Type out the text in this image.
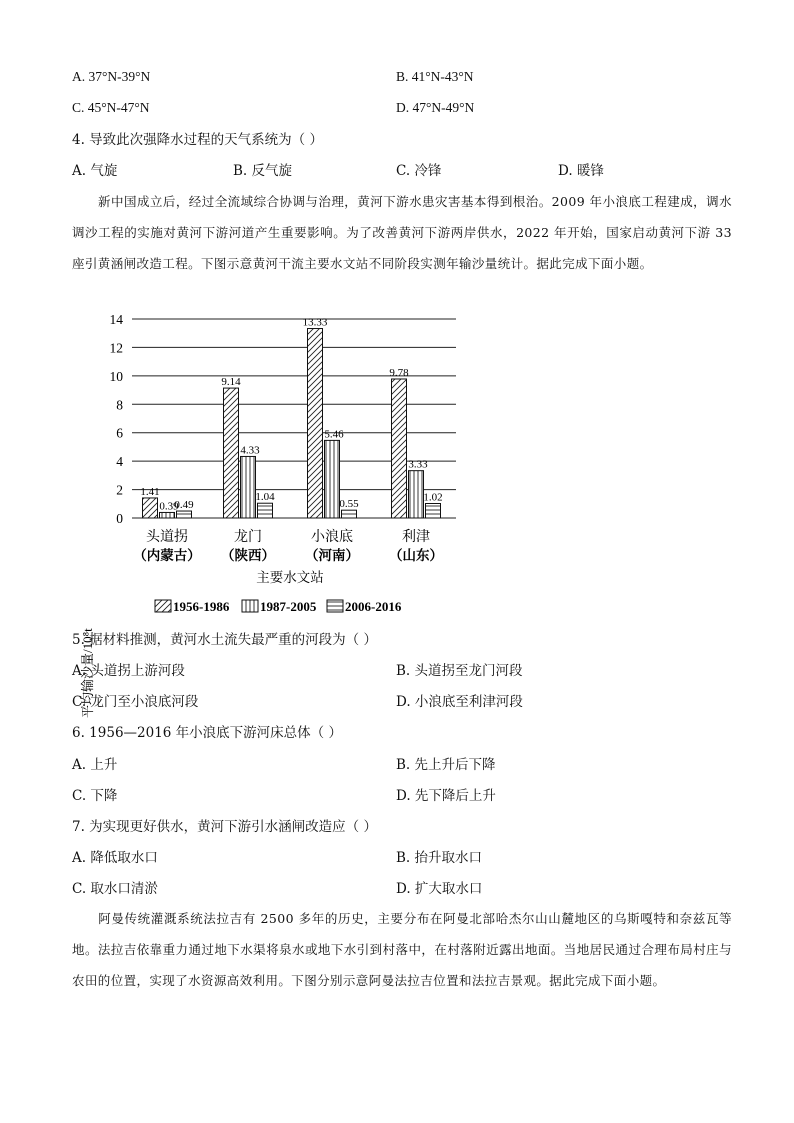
A. 37°N-39°N	B. 41°N-43°N
C. 45°N-47°N	D. 47°N-49°N
4. 导致此次强降水过程的天气系统为（ ）
A. 气旋	B. 反气旋	C. 冷锋	D. 暖锋
新中国成立后，经过全流域综合协调与治理，黄河下游水患灾害基本得到根治。2009 年小浪底工程建成，调水调沙工程的实施对黄河下游河道产生重要影响。为了改善黄河下游两岸供水，2022 年开始，国家启动黄河下游 33 座引黄涵闸改造工程。下图示意黄河干流主要水文站不同阶段实测年输沙量统计。据此完成下面小题。
0
2
4
6
8
10
12
14
1.41
0.39
0.49
9.14
4.33
1.04
13.33
5.46
0.55
9.78
3.33
1.02
头道拐
（内蒙古）
龙门
（陕西）
小浪底
（河南）
利津
（山东）
平均输沙量/10⁸t
主要水文站
1956-1986 1987-2005 2006-2016
5. 据材料推测，黄河水土流失最严重的河段为（ ）
A. 头道拐上游河段	B. 头道拐至龙门河段
C. 龙门至小浪底河段	D. 小浪底至利津河段
6. 1956—2016 年小浪底下游河床总体（ ）
A. 上升	B. 先上升后下降
C. 下降	D. 先下降后上升
7. 为实现更好供水，黄河下游引水涵闸改造应（ ）
A. 降低取水口	B. 抬升取水口
C. 取水口清淤	D. 扩大取水口
阿曼传统灌溉系统法拉吉有 2500 多年的历史，主要分布在阿曼北部哈杰尔山山麓地区的乌斯嘎特和奈兹瓦等地。法拉吉依靠重力通过地下水渠将泉水或地下水引到村落中，在村落附近露出地面。当地居民通过合理布局村庄与农田的位置，实现了水资源高效利用。下图分别示意阿曼法拉吉位置和法拉吉景观。据此完成下面小题。
